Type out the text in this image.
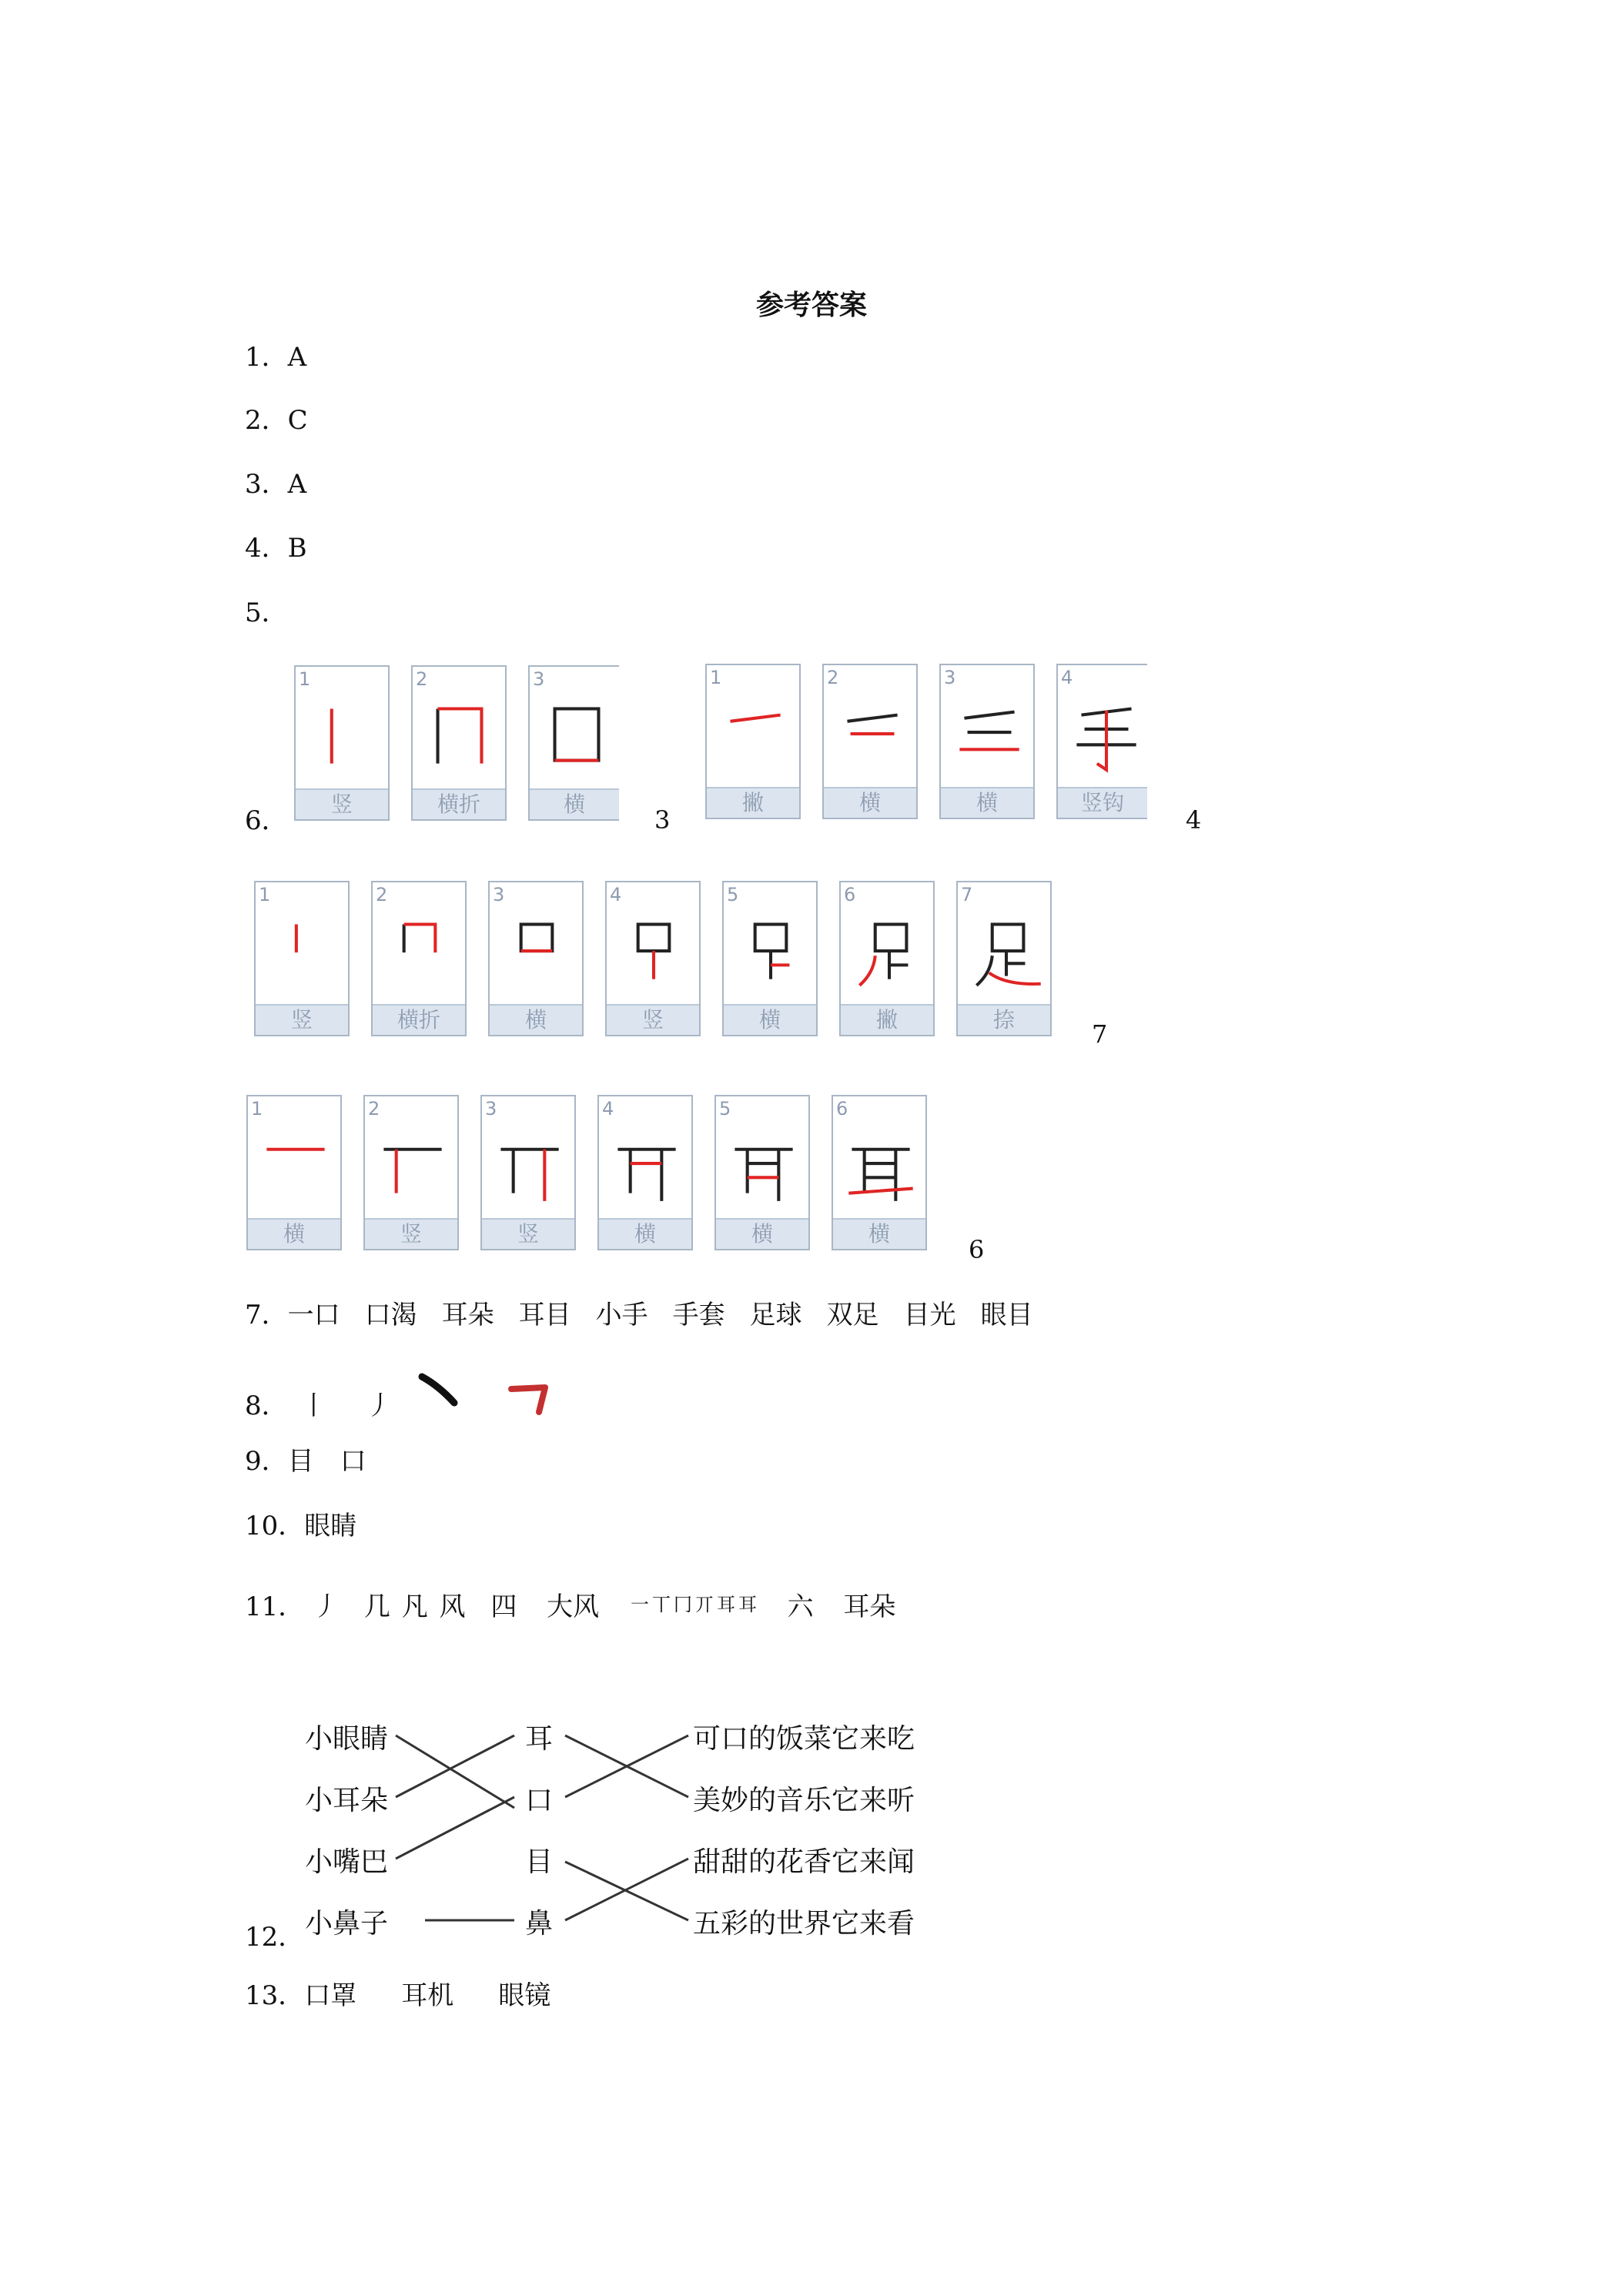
参考答案
1．A
2．C
3．A
4．B
5．
6．
1
竖
2
横折
3
横
3
1
撇
2
横
3
横
4
竖钩
4
1
竖
2
横折
3
横
4
竖
5
横
6
撇
7
捺	7
1
横
2
竖
3
竖
4
横
5
横
6
横
6
7．一口 口渴 耳朵 耳目 小手 手套 足球 双足 目光 眼目
8． 丨 丿
9．目 口
10．眼睛
11． 丿 几 凡 风 四 大风 一丅冂丌耳耳 六 耳朵
12．
小眼睛
小耳朵
小嘴巴
小鼻子
耳
口
目
鼻
可口的饭菜它来吃
美妙的音乐它来听
甜甜的花香它来闻
五彩的世界它来看
13．口罩 耳机 眼镜
